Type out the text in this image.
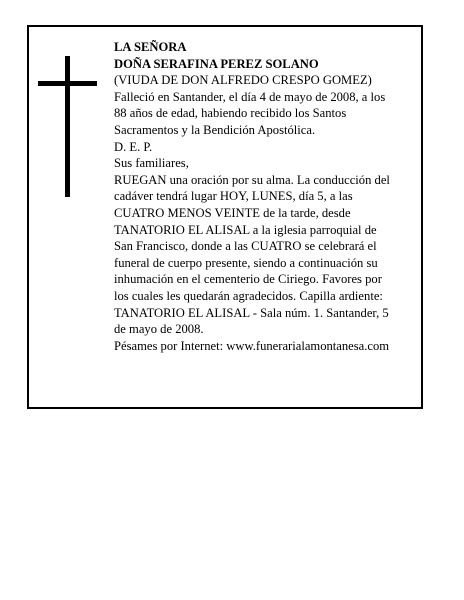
LA SEÑORA

DOÑA SERAFINA PEREZ SOLANO

(VIUDA DE DON ALFREDO CRESPO GOMEZ)

Falleció en Santander, el día 4 de mayo de 2008, a los

88 años de edad, habiendo recibido los Santos

Sacramentos y la Bendición Apostólica.

D. E. P.

Sus familiares,

RUEGAN una oración por su alma. La conducción del

cadáver tendrá lugar HOY, LUNES, día 5, a las

CUATRO MENOS VEINTE de la tarde, desde

TANATORIO EL ALISAL a la iglesia parroquial de

San Francisco, donde a las CUATRO se celebrará el

funeral de cuerpo presente, siendo a continuación su

inhumación en el cementerio de Ciriego. Favores por

los cuales les quedarán agradecidos. Capilla ardiente:

TANATORIO EL ALISAL - Sala núm. 1. Santander, 5

de mayo de 2008.

Pésames por Internet: www.funerarialamontanesa.com
